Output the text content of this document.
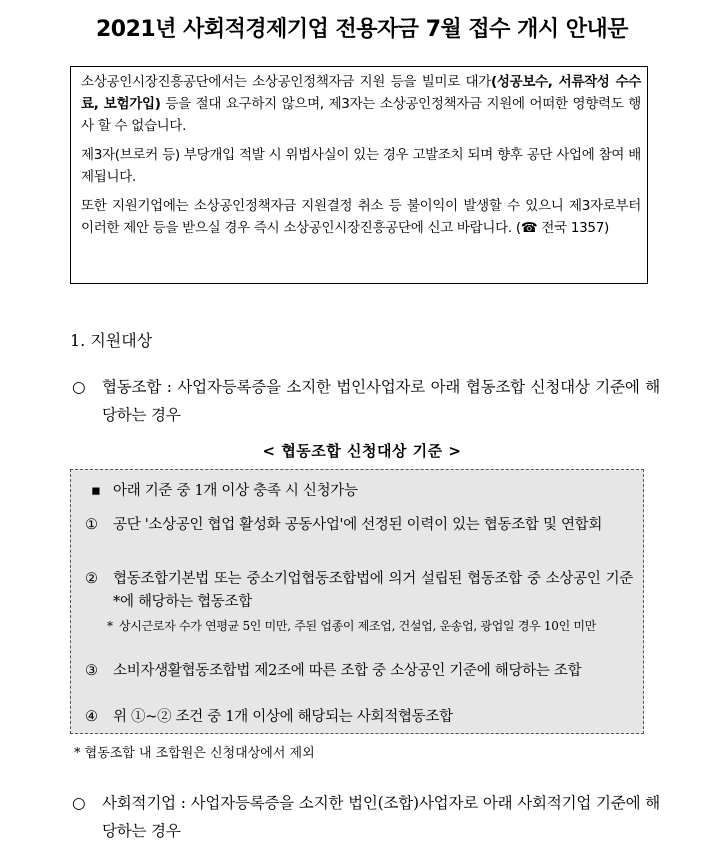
2021년 사회적경제기업 전용자금 7월 접수 개시 안내문

소상공인시장진흥공단에서는 소상공인정책자금 지원 등을 빌미로 대가(성공보수, 서류작성 수수료, 보험가입) 등을 절대 요구하지 않으며, 제3자는 소상공인정책자금 지원에 어떠한 영향력도 행사 할 수 없습니다.

제3자(브로커 등) 부당개입 적발 시 위법사실이 있는 경우 고발조치 되며 향후 공단 사업에 참여 배제됩니다.

또한 지원기업에는 소상공인정책자금 지원결정 취소 등 불이익이 발생할 수 있으니 제3자로부터 이러한 제안 등을 받으실 경우 즉시 소상공인시장진흥공단에 신고 바랍니다. (☎ 전국 1357)

1. 지원대상
○ 협동조합 : 사업자등록증을 소지한 법인사업자로 아래 협동조합 신청대상 기준에 해당하는 경우
< 협동조합 신청대상 기준 >
▪ 아래 기준 중 1개 이상 충족 시 신청가능
① 공단 '소상공인 협업 활성화 공동사업'에 선정된 이력이 있는 협동조합 및 연합회
② 협동조합기본법 또는 중소기업협동조합법에 의거 설립된 협동조합 중 소상공인 기준*에 해당하는 협동조합
* 상시근로자 수가 연평균 5인 미만, 주된 업종이 제조업, 건설업, 운송업, 광업일 경우 10인 미만
③ 소비자생활협동조합법 제2조에 따른 조합 중 소상공인 기준에 해당하는 조합
④ 위 ①~② 조건 중 1개 이상에 해당되는 사회적협동조합
* 협동조합 내 조합원은 신청대상에서 제외
○ 사회적기업 : 사업자등록증을 소지한 법인(조합)사업자로 아래 사회적기업 기준에 해당하는 경우
